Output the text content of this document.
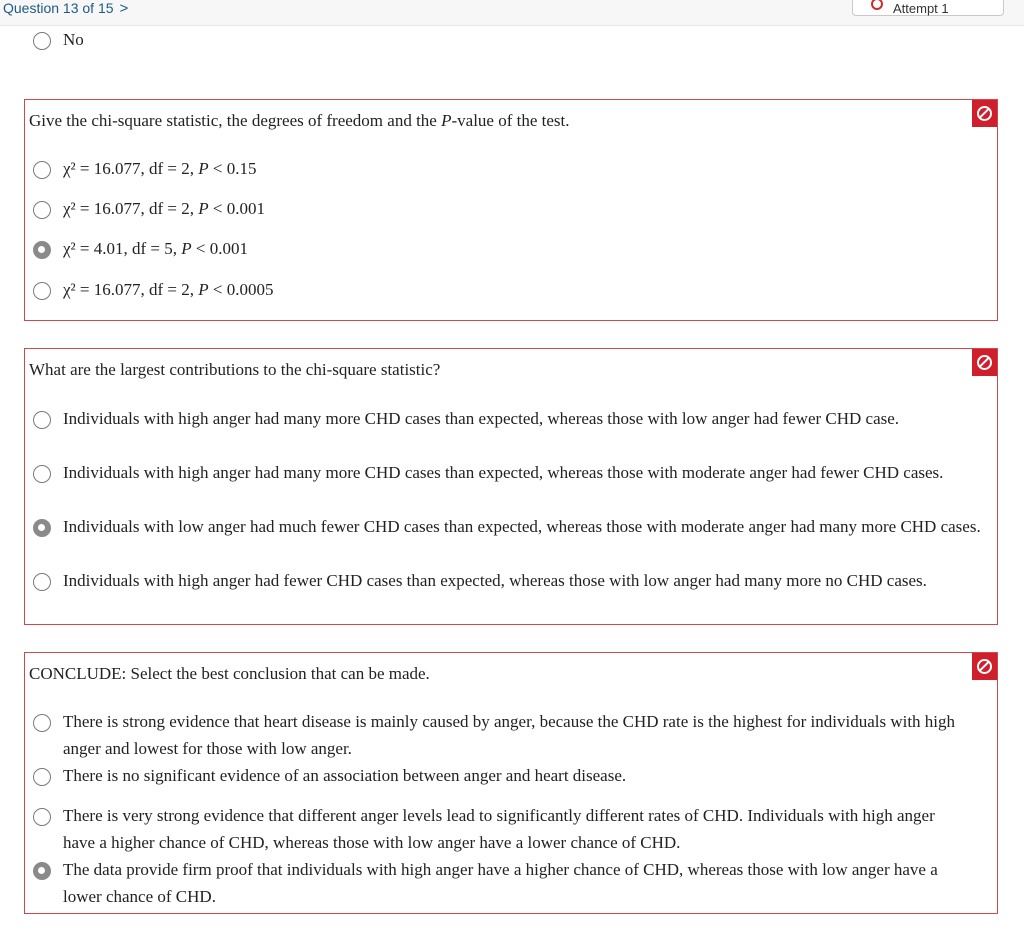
Question 13 of 15 >	Attempt 1
No
Give the chi-square statistic, the degrees of freedom and the P-value of the test.
χ² = 16.077, df = 2, P < 0.15
χ² = 16.077, df = 2, P < 0.001
χ² = 4.01, df = 5, P < 0.001
χ² = 16.077, df = 2, P < 0.0005
What are the largest contributions to the chi-square statistic?
Individuals with high anger had many more CHD cases than expected, whereas those with low anger had fewer CHD case.
Individuals with high anger had many more CHD cases than expected, whereas those with moderate anger had fewer CHD cases.
Individuals with low anger had much fewer CHD cases than expected, whereas those with moderate anger had many more CHD cases.
Individuals with high anger had fewer CHD cases than expected, whereas those with low anger had many more no CHD cases.
CONCLUDE: Select the best conclusion that can be made.
There is strong evidence that heart disease is mainly caused by anger, because the CHD rate is the highest for individuals with high anger and lowest for those with low anger.
There is no significant evidence of an association between anger and heart disease.
There is very strong evidence that different anger levels lead to significantly different rates of CHD. Individuals with high anger have a higher chance of CHD, whereas those with low anger have a lower chance of CHD.
The data provide firm proof that individuals with high anger have a higher chance of CHD, whereas those with low anger have a lower chance of CHD.
